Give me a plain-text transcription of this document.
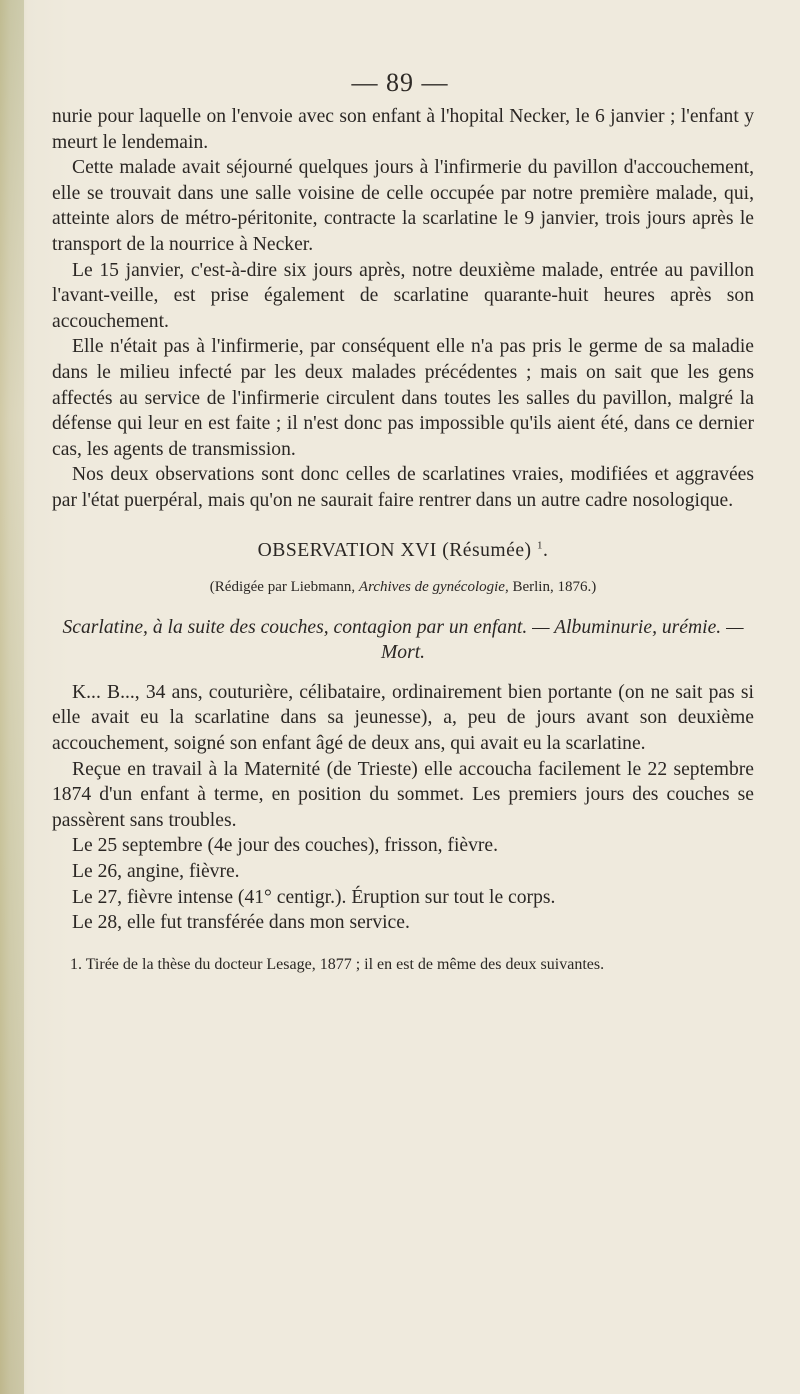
— 89 —

nurie pour laquelle on l'envoie avec son enfant à l'hopital Necker, le 6 janvier ; l'enfant y meurt le lendemain.

Cette malade avait séjourné quelques jours à l'infirmerie du pavillon d'accouchement, elle se trouvait dans une salle voisine de celle occupée par notre première malade, qui, atteinte alors de métro-péritonite, contracte la scarlatine le 9 janvier, trois jours après le transport de la nourrice à Necker.

Le 15 janvier, c'est-à-dire six jours après, notre deuxième malade, entrée au pavillon l'avant-veille, est prise également de scarlatine quarante-huit heures après son accouchement.

Elle n'était pas à l'infirmerie, par conséquent elle n'a pas pris le germe de sa maladie dans le milieu infecté par les deux malades précédentes ; mais on sait que les gens affectés au service de l'infirmerie circulent dans toutes les salles du pavillon, malgré la défense qui leur en est faite ; il n'est donc pas impossible qu'ils aient été, dans ce dernier cas, les agents de transmission.

Nos deux observations sont donc celles de scarlatines vraies, modifiées et aggravées par l'état puerpéral, mais qu'on ne saurait faire rentrer dans un autre cadre nosologique.

OBSERVATION XVI (Résumée) $^1$.

(Rédigée par Liebmann, Archives de gynécologie, Berlin, 1876.)

Scarlatine, à la suite des couches, contagion par un enfant. — Albuminurie, urémie. — Mort.

K... B..., 34 ans, couturière, célibataire, ordinairement bien portante (on ne sait pas si elle avait eu la scarlatine dans sa jeunesse), a, peu de jours avant son deuxième accouchement, soigné son enfant âgé de deux ans, qui avait eu la scarlatine.

Reçue en travail à la Maternité (de Trieste) elle accoucha facilement le 22 septembre 1874 d'un enfant à terme, en position du sommet. Les premiers jours des couches se passèrent sans troubles.

Le 25 septembre (4e jour des couches), frisson, fièvre.

Le 26, angine, fièvre.

Le 27, fièvre intense (41° centigr.). Éruption sur tout le corps.

Le 28, elle fut transférée dans mon service.

1. Tirée de la thèse du docteur Lesage, 1877 ; il en est de même des deux suivantes.
